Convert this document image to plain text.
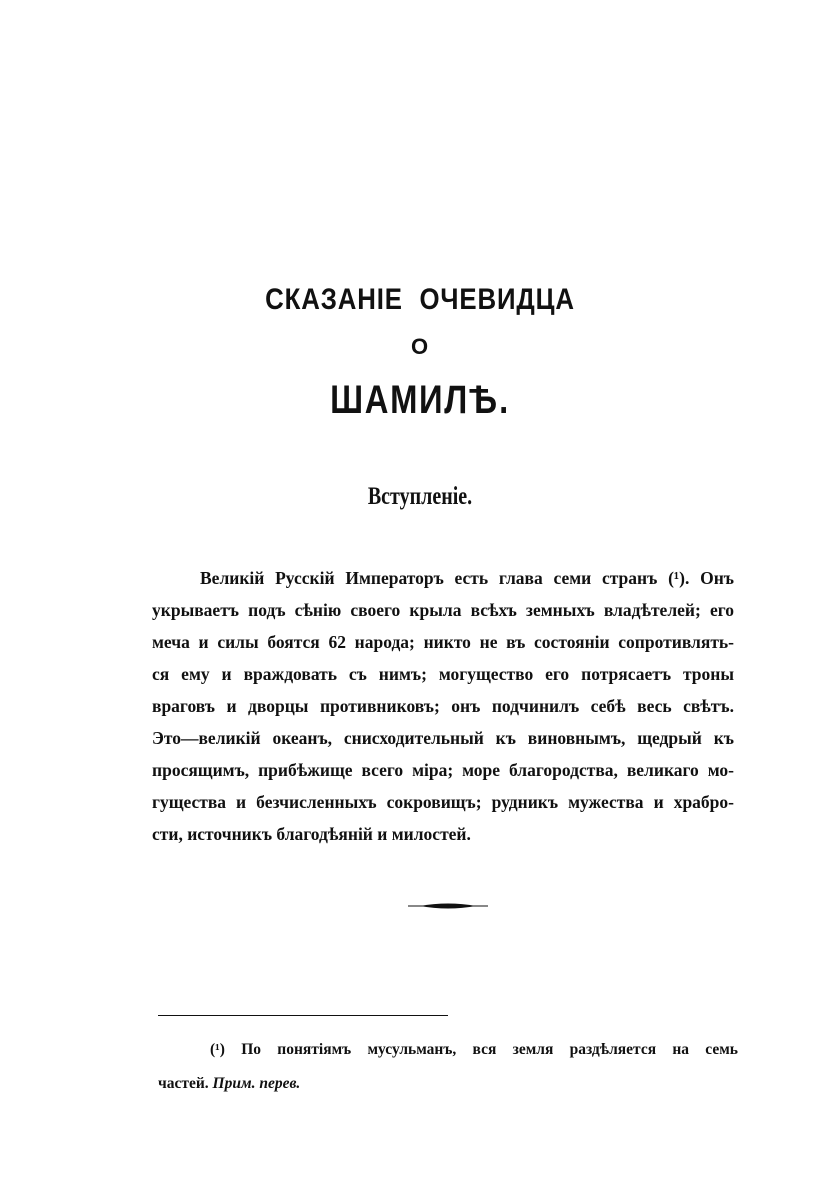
СКАЗАНІЕ ОЧЕВИДЦА
О
ШАМИЛѢ.
Вступленіе.
Великій Русскій Императоръ есть глава семи странъ (¹). Онъ
укрываетъ подъ сѣнію своего крыла всѣхъ земныхъ владѣтелей; его
меча и силы боятся 62 народа; никто не въ состояніи сопротивлять-
ся ему и враждовать съ нимъ; могущество его потрясаетъ троны
враговъ и дворцы противниковъ; онъ подчинилъ себѣ весь свѣтъ.
Это—великій океанъ, снисходительный къ виновнымъ, щедрый къ
просящимъ, прибѣжище всего міра; море благородства, великаго мо-
гущества и безчисленныхъ сокровищъ; рудникъ мужества и храбро-
сти, источникъ благодѣяній и милостей.
(¹) По понятіямъ мусульманъ, вся земля раздѣляется на семь
частей. Прим. перев.
